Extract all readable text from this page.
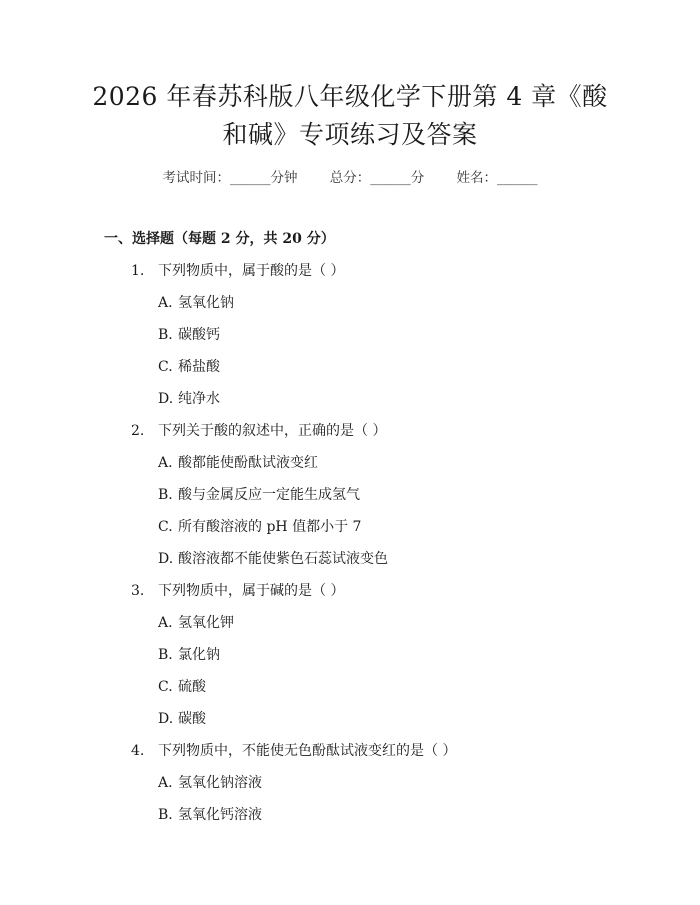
2026 年春苏科版八年级化学下册第 4 章《酸
和碱》专项练习及答案
考试时间：______分钟 总分：______分 姓名：______
一、选择题（每题 2 分，共 20 分）
1. 下列物质中，属于酸的是（ ）
A. 氢氧化钠
B. 碳酸钙
C. 稀盐酸
D. 纯净水
2. 下列关于酸的叙述中，正确的是（ ）
A. 酸都能使酚酞试液变红
B. 酸与金属反应一定能生成氢气
C. 所有酸溶液的 pH 值都小于 7
D. 酸溶液都不能使紫色石蕊试液变色
3. 下列物质中，属于碱的是（ ）
A. 氢氧化钾
B. 氯化钠
C. 硫酸
D. 碳酸
4. 下列物质中，不能使无色酚酞试液变红的是（ ）
A. 氢氧化钠溶液
B. 氢氧化钙溶液
